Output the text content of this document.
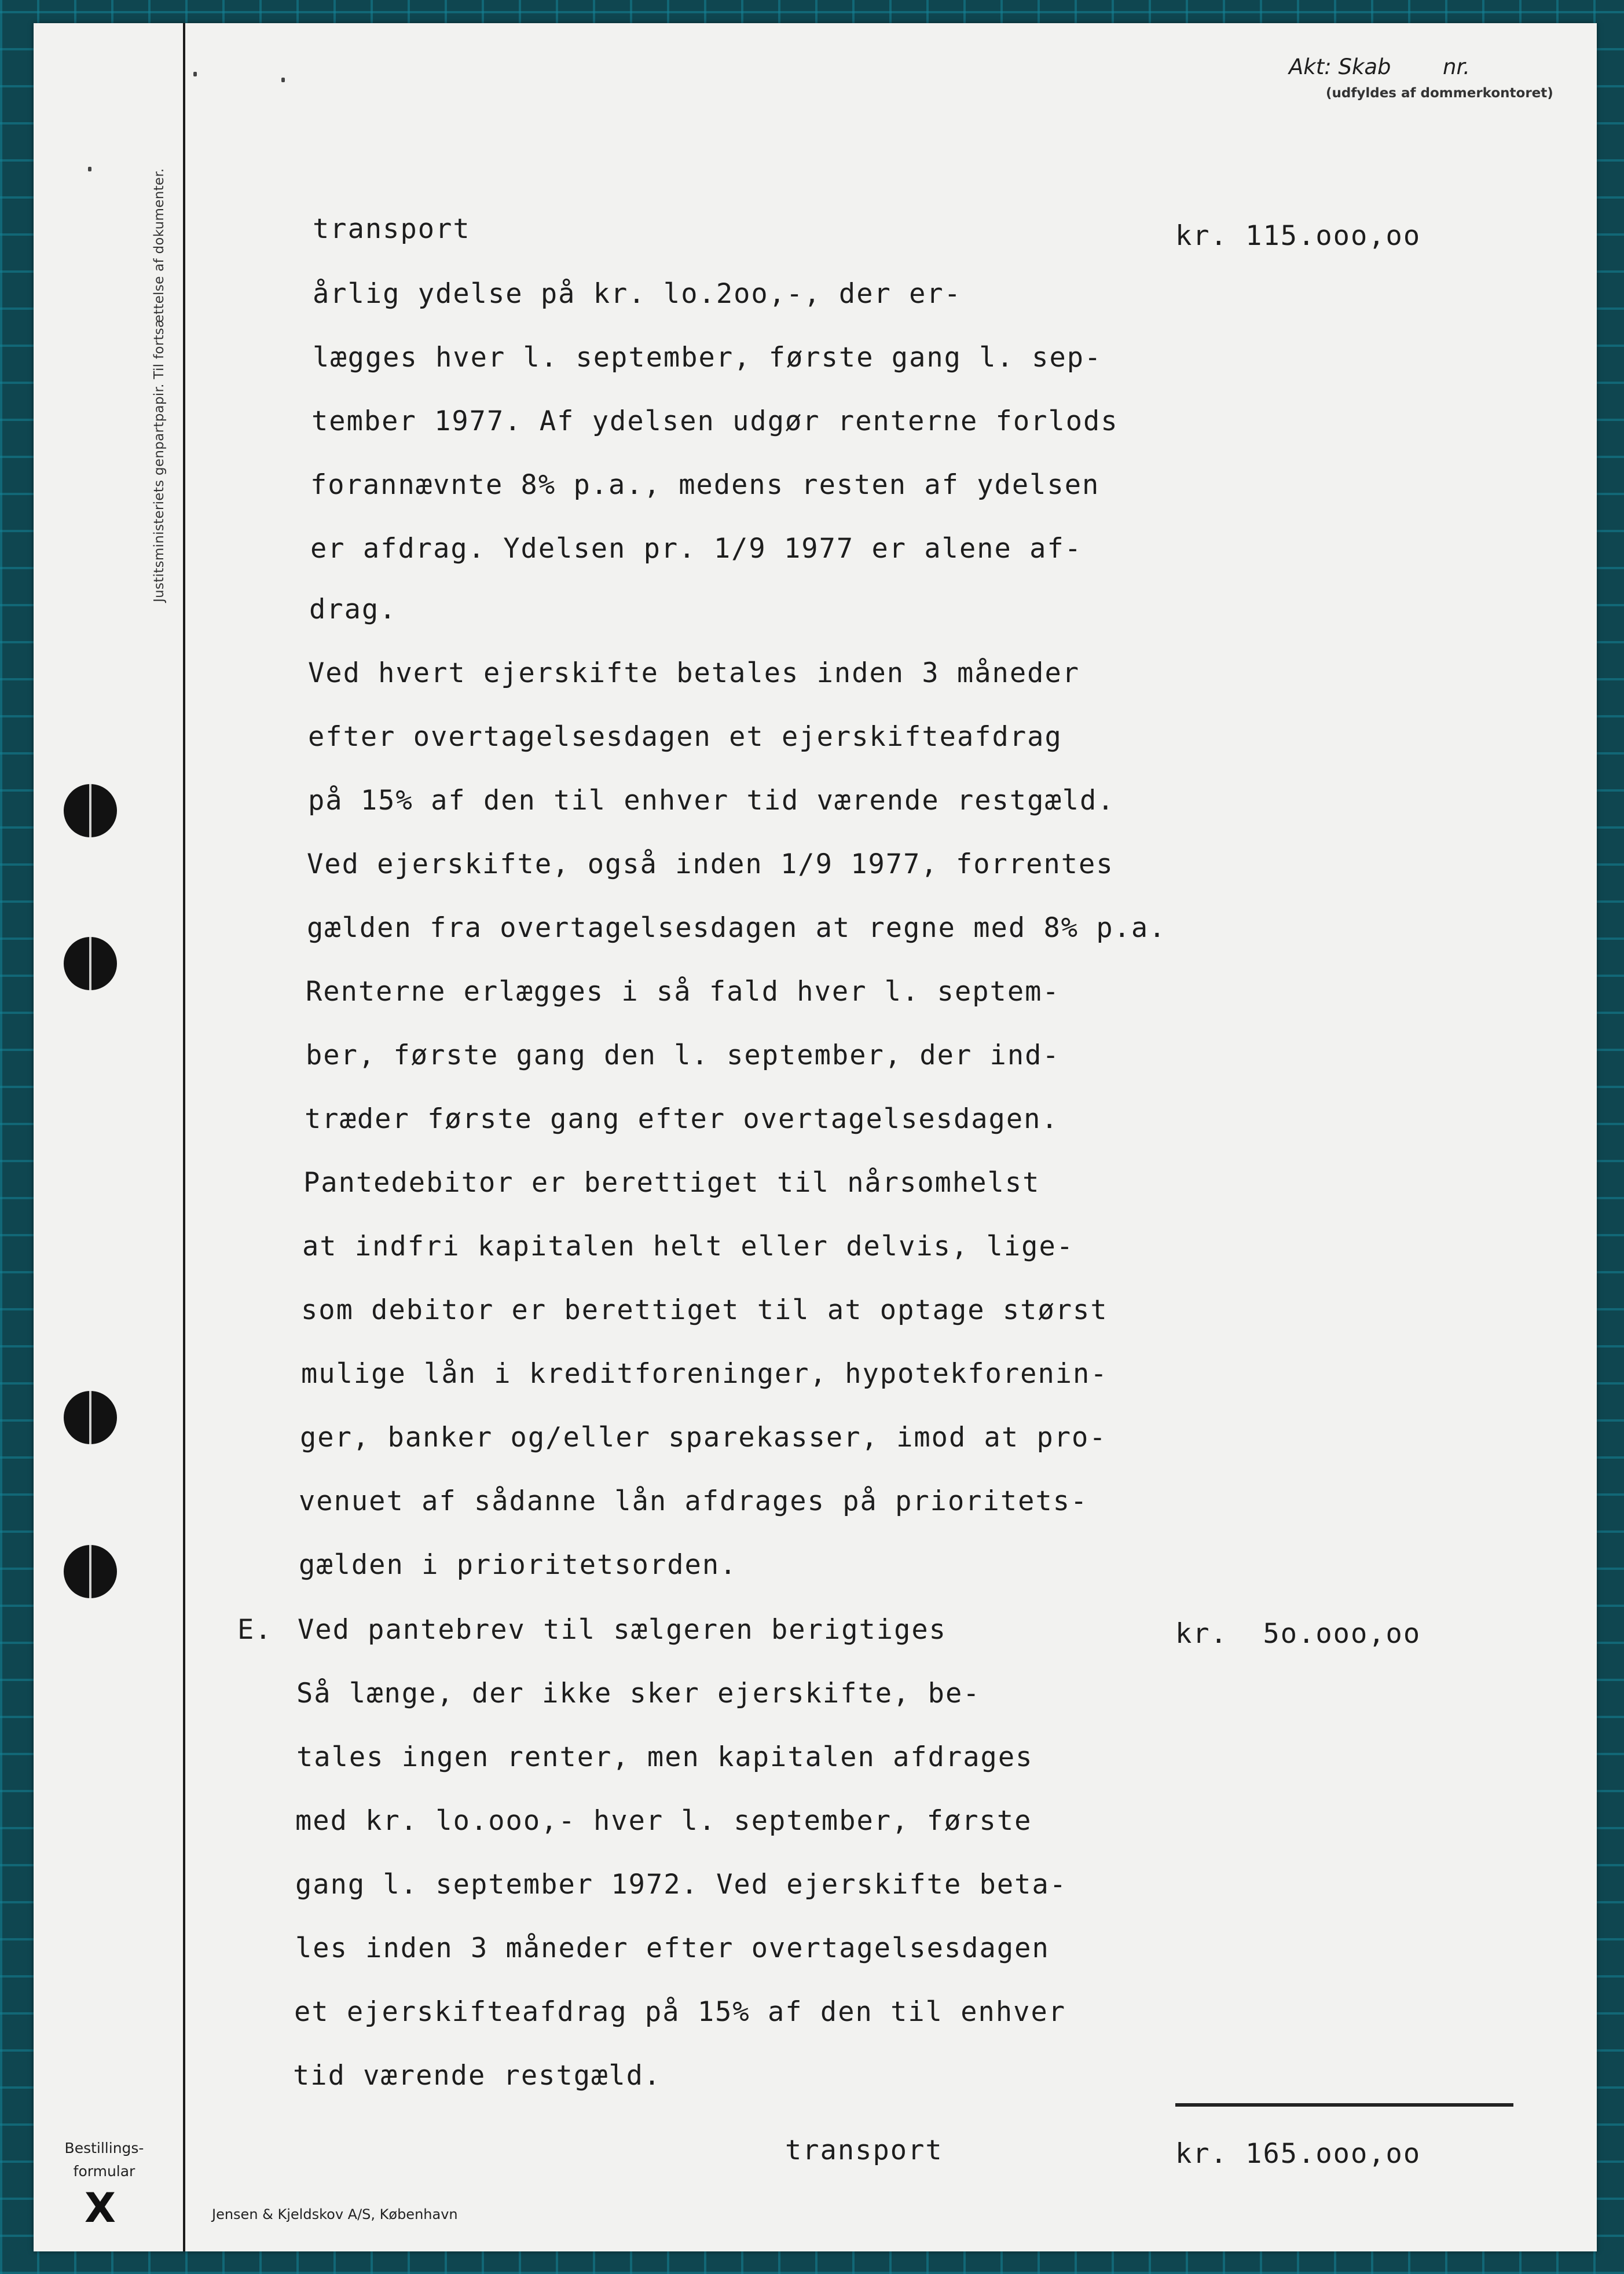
Justitsministeriets genpartpapir. Til fortsættelse af dokumenter.
Akt: Skab nr.
(udfyldes af dommerkontoret)
transport	kr. 115.ooo,oo
årlig ydelse på kr. lo.2oo,-, der er-
lægges hver l. september, første gang l. sep-
tember 1977. Af ydelsen udgør renterne forlods
forannævnte 8% p.a., medens resten af ydelsen
er afdrag. Ydelsen pr. 1/9 1977 er alene af-
drag.
Ved hvert ejerskifte betales inden 3 måneder
efter overtagelsesdagen et ejerskifteafdrag
på 15% af den til enhver tid værende restgæld.
Ved ejerskifte, også inden 1/9 1977, forrentes
gælden fra overtagelsesdagen at regne med 8% p.a.
Renterne erlægges i så fald hver l. septem-
ber, første gang den l. september, der ind-
træder første gang efter overtagelsesdagen.
Pantedebitor er berettiget til nårsomhelst
at indfri kapitalen helt eller delvis, lige-
som debitor er berettiget til at optage størst
mulige lån i kreditforeninger, hypotekforenin-
ger, banker og/eller sparekasser, imod at pro-
venuet af sådanne lån afdrages på prioritets-
gælden i prioritetsorden.
E. Ved pantebrev til sælgeren berigtiges	kr.  5o.ooo,oo
Så længe, der ikke sker ejerskifte, be-
tales ingen renter, men kapitalen afdrages
med kr. lo.ooo,- hver l. september, første
gang l. september 1972. Ved ejerskifte beta-
les inden 3 måneder efter overtagelsesdagen
et ejerskifteafdrag på 15% af den til enhver
tid værende restgæld.
transport	kr. 165.ooo,oo
Bestillings-
formular
X	Jensen & Kjeldskov A/S, København
